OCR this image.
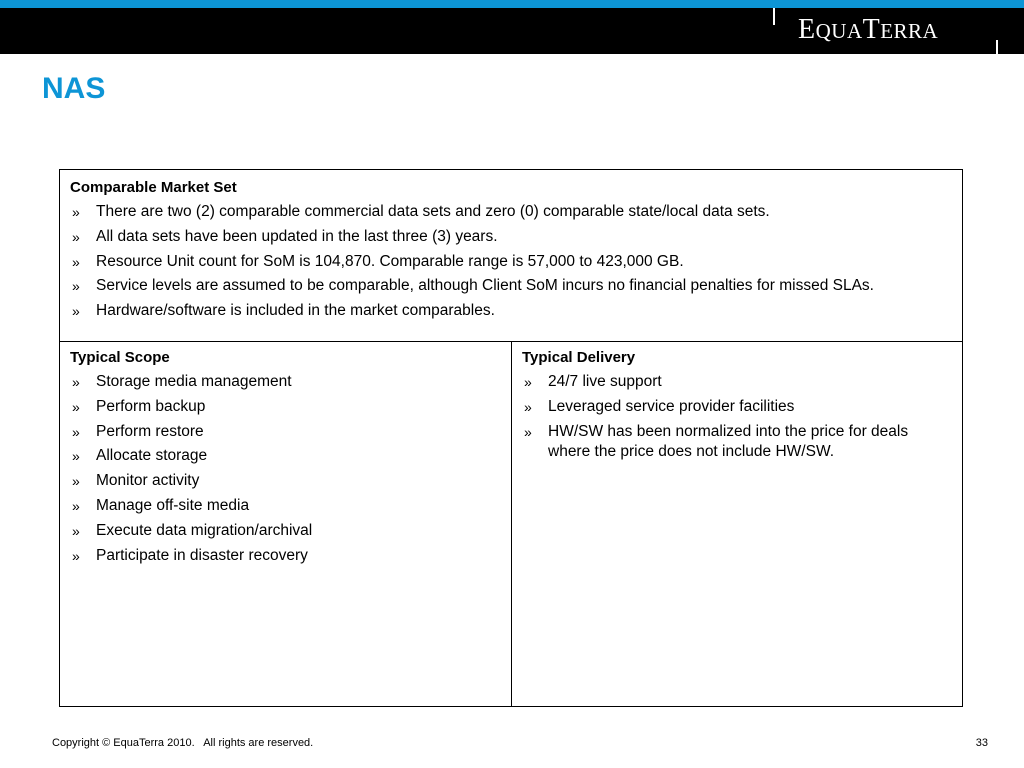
EQUATERRA
NAS
Comparable Market Set
» There are two (2) comparable commercial data sets and zero (0) comparable state/local data sets.
» All data sets have been updated in the last three (3) years.
» Resource Unit count for SoM is 104,870. Comparable range is 57,000 to 423,000 GB.
» Service levels are assumed to be comparable, although Client SoM incurs no financial penalties for missed SLAs.
» Hardware/software is included in the market comparables.
Typical Scope
» Storage media management
» Perform backup
» Perform restore
» Allocate storage
» Monitor activity
» Manage off-site media
» Execute data migration/archival
» Participate in disaster recovery
Typical Delivery
» 24/7 live support
» Leveraged service provider facilities
» HW/SW has been normalized into the price for deals where the price does not include HW/SW.
Copyright © EquaTerra 2010.   All rights are reserved.	33
